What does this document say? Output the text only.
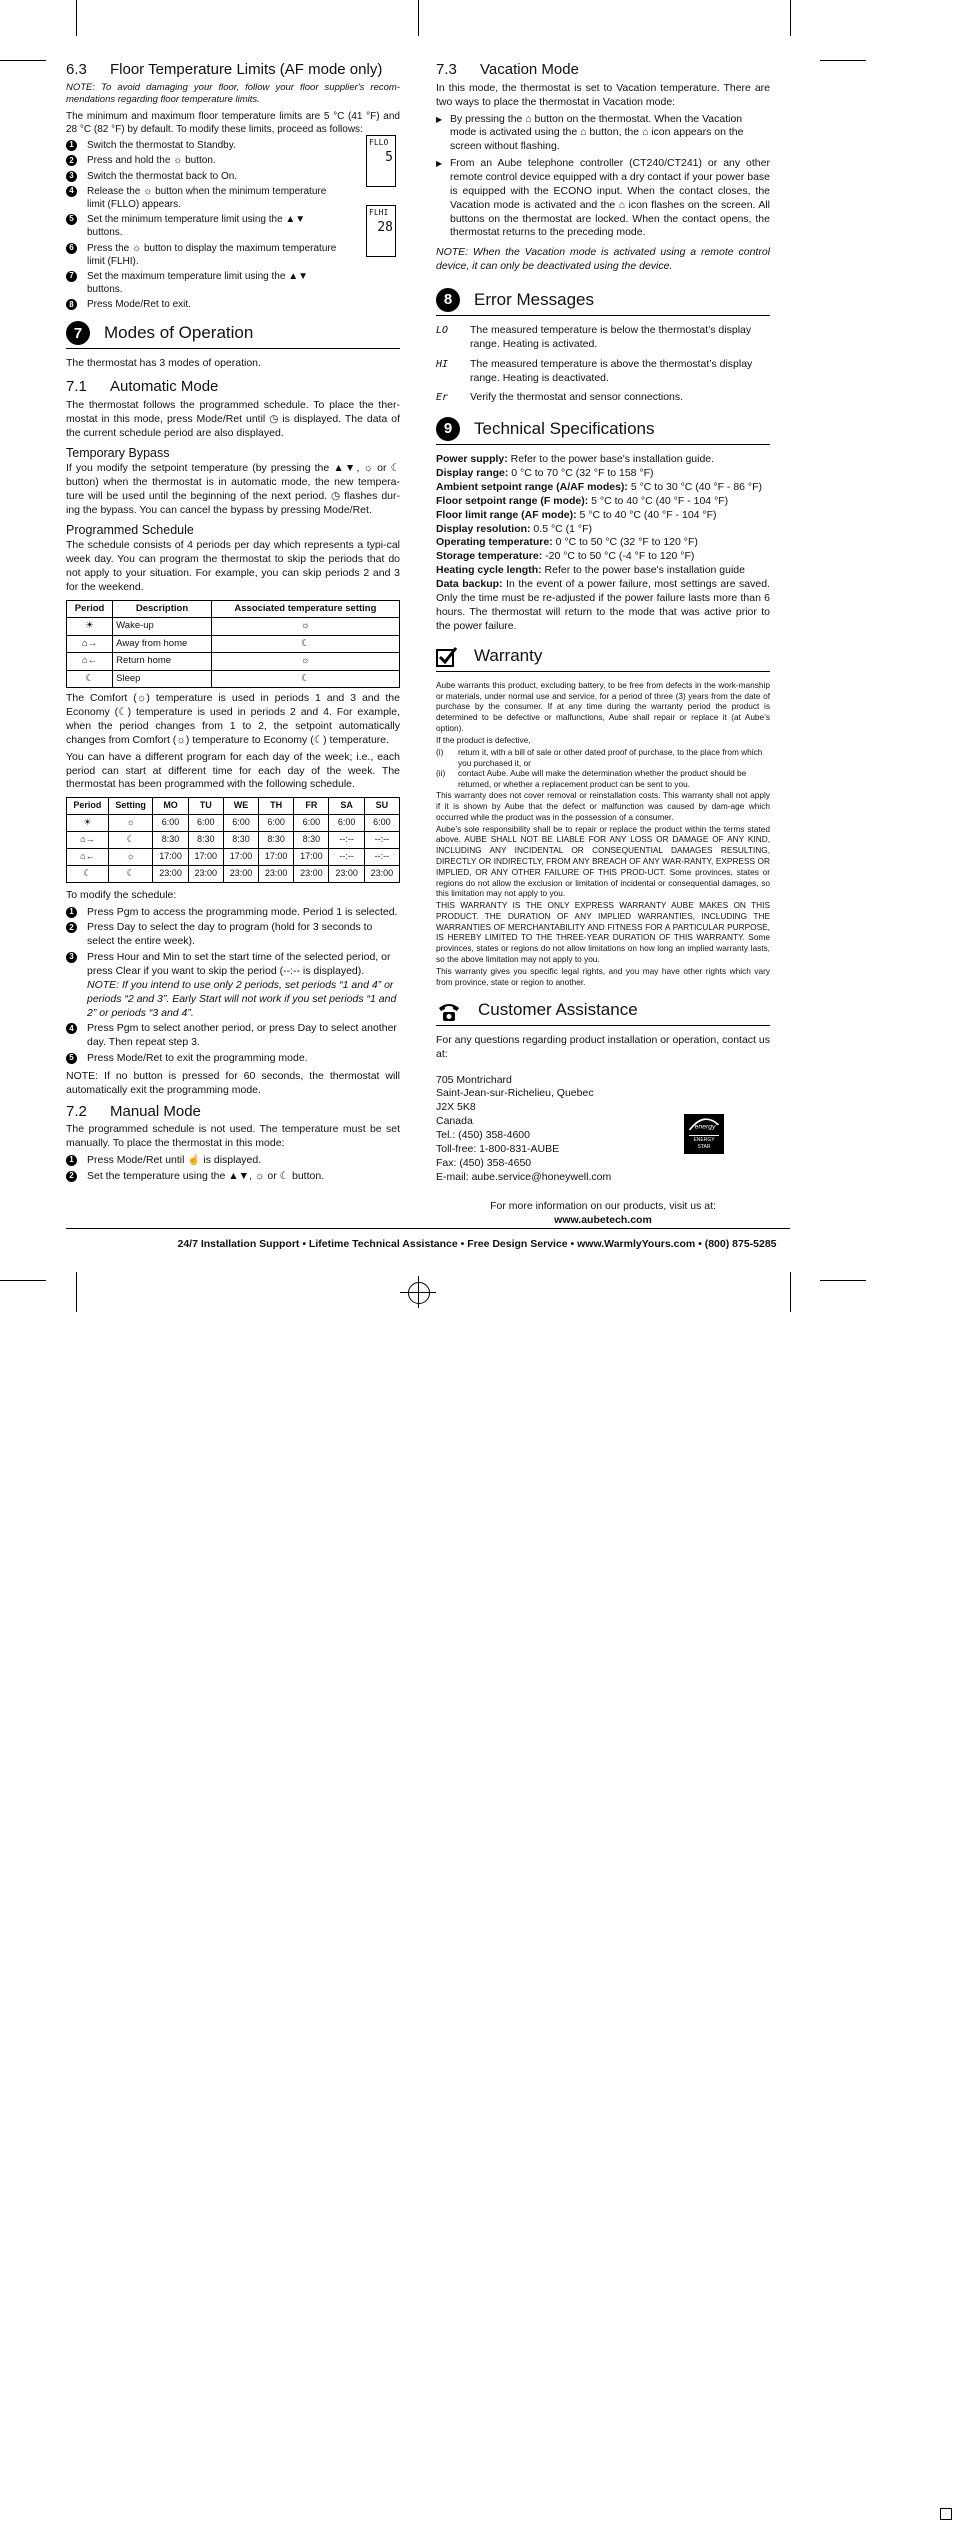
6.3 Floor Temperature Limits (AF mode only)

NOTE: To avoid damaging your floor, follow your floor supplier's recom-mendations regarding floor temperature limits.

The minimum and maximum floor temperature limits are 5 °C (41 °F) and 28 °C (82 °F) by default. To modify these limits, proceed as follows:

1	Switch the thermostat to Standby.
2	Press and hold the ☼ button.
3	Switch the thermostat back to On.
4	Release the ☼ button when the minimum temperature limit (FLLO) appears.
5	Set the minimum temperature limit using the ▲▼ buttons.
6	Press the ☼ button to display the maximum temperature limit (FLHI).
7	Set the maximum temperature limit using the ▲▼ buttons.
8	Press Mode/Ret to exit.
FLLO
5
FLHI
28
7	Modes of Operation

The thermostat has 3 modes of operation.

7.1 Automatic Mode

The thermostat follows the programmed schedule. To place the ther-mostat in this mode, press Mode/Ret until ◷ is displayed. The data of the current schedule period are also displayed.

Temporary Bypass

If you modify the setpoint temperature (by pressing the ▲▼, ☼ or ☾ button) when the thermostat is in automatic mode, the new tempera-ture will be used until the beginning of the next period. ◷ flashes dur-ing the bypass. You can cancel the bypass by pressing Mode/Ret.

Programmed Schedule

The schedule consists of 4 periods per day which represents a typi-cal week day. You can program the thermostat to skip the periods that do not apply to your situation. For example, you can skip periods 2 and 3 for the weekend.

Period	Description	Associated temperature setting
☀	Wake-up	☼
⌂→	Away from home	☾
⌂←	Return home	☼
☾	Sleep	☾

The Comfort (☼) temperature is used in periods 1 and 3 and the Economy (☾) temperature is used in periods 2 and 4. For example, when the period changes from 1 to 2, the setpoint automatically changes from Comfort (☼) temperature to Economy (☾) temperature.

You can have a different program for each day of the week; i.e., each period can start at different time for each day of the week. The thermostat has been programmed with the following schedule.

Period	Setting	MO	TU	WE	TH	FR	SA	SU
☀	☼	6:00	6:00	6:00	6:00	6:00	6:00	6:00
⌂→	☾	8:30	8:30	8:30	8:30	8:30	--:--	--:--
⌂←	☼	17:00	17:00	17:00	17:00	17:00	--:--	--:--
☾	☾	23:00	23:00	23:00	23:00	23:00	23:00	23:00

To modify the schedule:

1	Press Pgm to access the programming mode. Period 1 is selected.
2	Press Day to select the day to program (hold for 3 seconds to select the entire week).
3	Press Hour and Min to set the start time of the selected period, or press Clear if you want to skip the period (--:-- is displayed).
NOTE: If you intend to use only 2 periods, set periods “1 and 4” or periods “2 and 3”. Early Start will not work if you set periods “1 and 2” or periods “3 and 4”.
4	Press Pgm to select another period, or press Day to select another day. Then repeat step 3.
5	Press Mode/Ret to exit the programming mode.

NOTE: If no button is pressed for 60 seconds, the thermostat will automatically exit the programming mode.

7.2 Manual Mode

The programmed schedule is not used. The temperature must be set manually. To place the thermostat in this mode:

1	Press Mode/Ret until ☝ is displayed.
2	Set the temperature using the ▲▼, ☼ or ☾ button.
7.3 Vacation Mode

In this mode, the thermostat is set to Vacation temperature. There are two ways to place the thermostat in Vacation mode:

▶ By pressing the ⌂ button on the thermostat. When the Vacation mode is activated using the ⌂ button, the ⌂ icon appears on the screen without flashing.
▶ From an Aube telephone controller (CT240/CT241) or any other remote control device equipped with a dry contact if your power base is equipped with the ECONO input. When the contact closes, the Vacation mode is activated and the ⌂ icon flashes on the screen. All buttons on the thermostat are locked. When the contact opens, the thermostat returns to the preceding mode.

NOTE: When the Vacation mode is activated using a remote control device, it can only be deactivated using the device.

8	Error Messages
LO	The measured temperature is below the thermostat’s display range. Heating is activated.
HI	The measured temperature is above the thermostat’s display range. Heating is deactivated.
Er	Verify the thermostat and sensor connections.
9	Technical Specifications
Power supply: Refer to the power base's installation guide.
Display range: 0 °C to 70 °C (32 °F to 158 °F)
Ambient setpoint range (A/AF modes): 5 °C to 30 °C (40 °F - 86 °F)
Floor setpoint range (F mode): 5 °C to 40 °C (40 °F - 104 °F)
Floor limit range (AF mode): 5 °C to 40 °C (40 °F - 104 °F)
Display resolution: 0.5 °C (1 °F)
Operating temperature: 0 °C to 50 °C (32 °F to 120 °F)
Storage temperature: -20 °C to 50 °C (-4 °F to 120 °F)
Heating cycle length: Refer to the power base's installation guide
Data backup: In the event of a power failure, most settings are saved. Only the time must be re-adjusted if the power failure lasts more than 6 hours. The thermostat will return to the mode that was active prior to the power failure.
Warranty

Aube warrants this product, excluding battery, to be free from defects in the work-manship or materials, under normal use and service, for a period of three (3) years from the date of purchase by the consumer. If at any time during the warranty period the product is determined to be defective or malfunctions, Aube shall repair or replace it (at Aube’s option).

If the product is defective,

(i)	return it, with a bill of sale or other dated proof of purchase, to the place from which you purchased it, or
(ii)	contact Aube. Aube will make the determination whether the product should be returned, or whether a replacement product can be sent to you.

This warranty does not cover removal or reinstallation costs. This warranty shall not apply if it is shown by Aube that the defect or malfunction was caused by dam-age which occurred while the product was in the possession of a consumer.

Aube’s sole responsibility shall be to repair or replace the product within the terms stated above. AUBE SHALL NOT BE LIABLE FOR ANY LOSS OR DAMAGE OF ANY KIND, INCLUDING ANY INCIDENTAL OR CONSEQUENTIAL DAMAGES RESULTING, DIRECTLY OR INDIRECTLY, FROM ANY BREACH OF ANY WAR-RANTY, EXPRESS OR IMPLIED, OR ANY OTHER FAILURE OF THIS PROD-UCT. Some provinces, states or regions do not allow the exclusion or limitation of incidental or consequential damages, so this limitation may not apply to you.

THIS WARRANTY IS THE ONLY EXPRESS WARRANTY AUBE MAKES ON THIS PRODUCT. THE DURATION OF ANY IMPLIED WARRANTIES, INCLUDING THE WARRANTIES OF MERCHANTABILITY AND FITNESS FOR A PARTICULAR PURPOSE, IS HEREBY LIMITED TO THE THREE-YEAR DURATION OF THIS WARRANTY. Some provinces, states or regions do not allow limitations on how long an implied warranty lasts, so the above limitation may not apply to you.

This warranty gives you specific legal rights, and you may have other rights which vary from province, state or region to another.

Customer Assistance

For any questions regarding product installation or operation, contact us at:

705 Montrichard
Saint-Jean-sur-Richelieu, Quebec
J2X 5K8
Canada
Tel.: (450) 358-4600
Toll-free: 1-800-831-AUBE
Fax: (450) 358-4650
E-mail: aube.service@honeywell.com
energy
ENERGY STAR
For more information on our products, visit us at:
www.aubetech.com
24/7 Installation Support • Lifetime Technical Assistance • Free Design Service • www.WarmlyYours.com • (800) 875-5285
